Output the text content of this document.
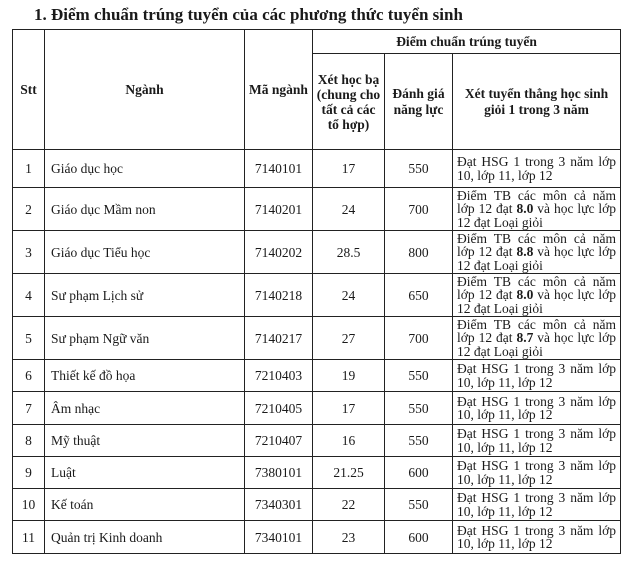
1. Điểm chuẩn trúng tuyển của các phương thức tuyển sinh
Stt	Ngành	Mã ngành	Điểm chuẩn trúng tuyển		
			Xét học bạ (chung cho tất cả các tổ hợp)	Đánh giá năng lực	Xét tuyển thẳng học sinh giỏi 1 trong 3 năm
1	Giáo dục học	7140101	17	550	Đạt HSG 1 trong 3 năm lớp 10, lớp 11, lớp 12
2	Giáo dục Mầm non	7140201	24	700	Điểm TB các môn cả năm lớp 12 đạt 8.0 và học lực lớp 12 đạt Loại giỏi
3	Giáo dục Tiểu học	7140202	28.5	800	Điểm TB các môn cả năm lớp 12 đạt 8.8 và học lực lớp 12 đạt Loại giỏi
4	Sư phạm Lịch sử	7140218	24	650	Điểm TB các môn cả năm lớp 12 đạt 8.0 và học lực lớp 12 đạt Loại giỏi
5	Sư phạm Ngữ văn	7140217	27	700	Điểm TB các môn cả năm lớp 12 đạt 8.7 và học lực lớp 12 đạt Loại giỏi
6	Thiết kế đồ họa	7210403	19	550	Đạt HSG 1 trong 3 năm lớp 10, lớp 11, lớp 12
7	Âm nhạc	7210405	17	550	Đạt HSG 1 trong 3 năm lớp 10, lớp 11, lớp 12
8	Mỹ thuật	7210407	16	550	Đạt HSG 1 trong 3 năm lớp 10, lớp 11, lớp 12
9	Luật	7380101	21.25	600	Đạt HSG 1 trong 3 năm lớp 10, lớp 11, lớp 12
10	Kế toán	7340301	22	550	Đạt HSG 1 trong 3 năm lớp 10, lớp 11, lớp 12
11	Quản trị Kinh doanh	7340101	23	600	Đạt HSG 1 trong 3 năm lớp 10, lớp 11, lớp 12
